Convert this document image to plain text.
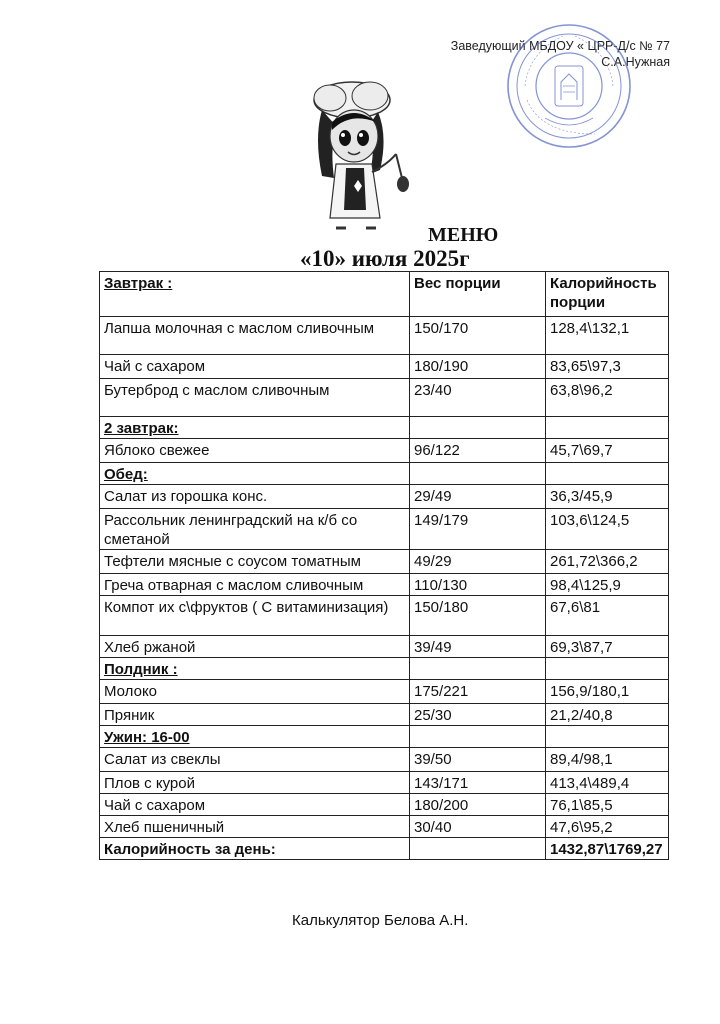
Заведующий МБДОУ « ЦРР-Д/с № 77
С.А.Нужная
МЕНЮ
«10» июля 2025г
Завтрак :	Вес порции	Калорийность порции
Лапша молочная с маслом сливочным	150/170	128,4\132,1
Чай с сахаром	180/190	83,65\97,3
Бутерброд с маслом сливочным	23/40	63,8\96,2
2 завтрак:		
Яблоко свежее	96/122	45,7\69,7
Обед:		
Салат из горошка конс.	29/49	36,3/45,9
Рассольник ленинградский на к/б со сметаной	149/179	103,6\124,5
Тефтели мясные с соусом томатным	49/29	261,72\366,2
Греча отварная с маслом сливочным	110/130	98,4\125,9
Компот их с\фруктов ( С витаминизация)	150/180	67,6\81
Хлеб ржаной	39/49	69,3\87,7
Полдник :		
Молоко	175/221	156,9/180,1
Пряник	25/30	21,2/40,8
Ужин: 16-00		
Салат из свеклы	39/50	89,4/98,1
Плов с курой	143/171	413,4\489,4
Чай с сахаром	180/200	76,1\85,5
Хлеб пшеничный	30/40	47,6\95,2
Калорийность за день:		1432,87\1769,27
Калькулятор Белова А.Н.
